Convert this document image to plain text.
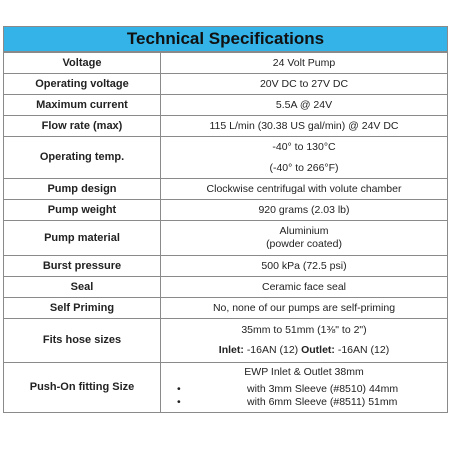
Technical Specifications
Voltage	24 Volt Pump
Operating voltage	20V DC to 27V DC
Maximum current	5.5A @ 24V
Flow rate (max)	115 L/min (30.38 US gal/min) @ 24V DC
Operating temp.	-40° to 130°C
(-40° to 266°F)

Pump design	Clockwise centrifugal with volute chamber
Pump weight	920 grams (2.03 lb)
Pump material	Aluminium
(powder coated)

Burst pressure	500 kPa (72.5 psi)
Seal	Ceramic face seal
Self Priming	No, none of our pumps are self-priming
Fits hose sizes	35mm to 51mm (1⅜" to 2")
Inlet: -16AN (12) Outlet: -16AN (12)

Push-On fitting Size	EWP Inlet & Outlet 38mm
• with 3mm Sleeve (#8510) 44mm
• with 6mm Sleeve (#8511) 51mm
